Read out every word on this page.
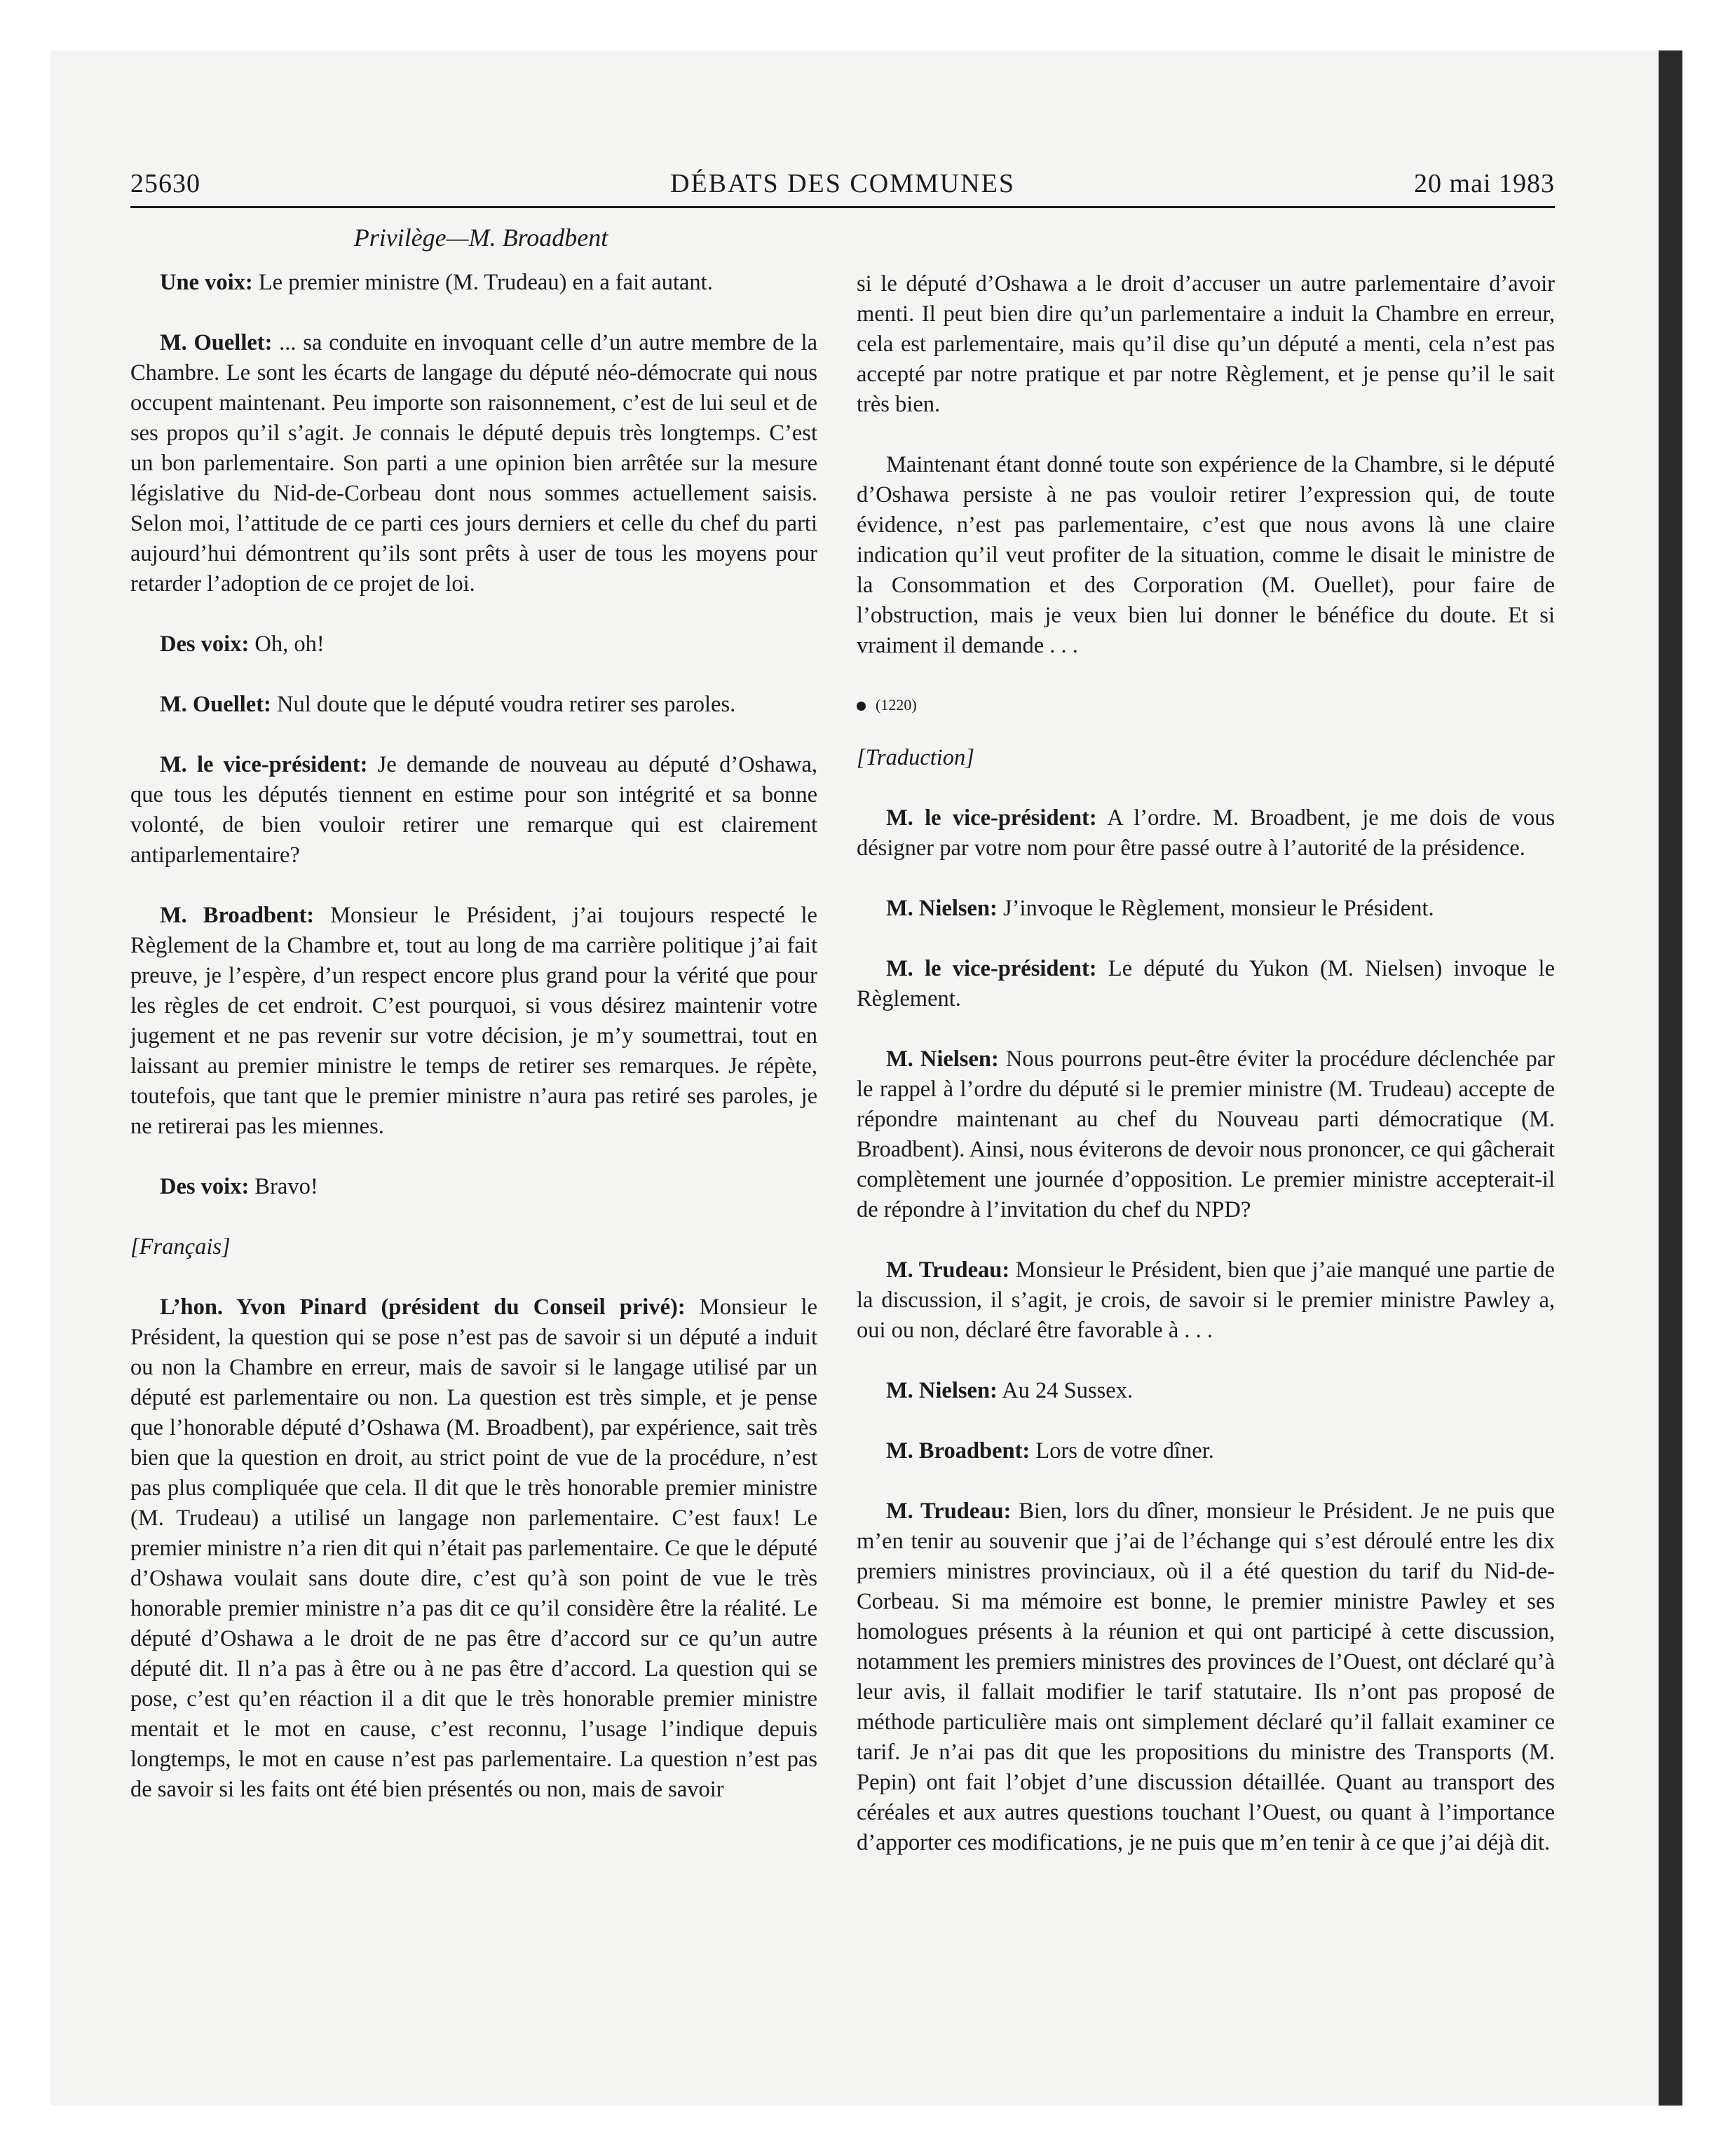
25630	DÉBATS DES COMMUNES	20 mai 1983
Privilège—M. Broadbent

Une voix: Le premier ministre (M. Trudeau) en a fait autant.

M. Ouellet: ... sa conduite en invoquant celle d’un autre membre de la Chambre. Le sont les écarts de langage du député néo-démocrate qui nous occupent maintenant. Peu importe son raisonnement, c’est de lui seul et de ses propos qu’il s’agit. Je connais le député depuis très longtemps. C’est un bon parlementaire. Son parti a une opinion bien arrêtée sur la mesure législative du Nid-de-Corbeau dont nous sommes actuellement saisis. Selon moi, l’attitude de ce parti ces jours derniers et celle du chef du parti aujourd’hui démontrent qu’ils sont prêts à user de tous les moyens pour retarder l’adoption de ce projet de loi.

Des voix: Oh, oh!

M. Ouellet: Nul doute que le député voudra retirer ses paroles.

M. le vice-président: Je demande de nouveau au député d’Oshawa, que tous les députés tiennent en estime pour son intégrité et sa bonne volonté, de bien vouloir retirer une remarque qui est clairement antiparlementaire?

M. Broadbent: Monsieur le Président, j’ai toujours respecté le Règlement de la Chambre et, tout au long de ma carrière politique j’ai fait preuve, je l’espère, d’un respect encore plus grand pour la vérité que pour les règles de cet endroit. C’est pourquoi, si vous désirez maintenir votre jugement et ne pas revenir sur votre décision, je m’y soumettrai, tout en laissant au premier ministre le temps de retirer ses remarques. Je répète, toutefois, que tant que le premier ministre n’aura pas retiré ses paroles, je ne retirerai pas les miennes.

Des voix: Bravo!

[Français]

L’hon. Yvon Pinard (président du Conseil privé): Monsieur le Président, la question qui se pose n’est pas de savoir si un député a induit ou non la Chambre en erreur, mais de savoir si le langage utilisé par un député est parlementaire ou non. La question est très simple, et je pense que l’honorable député d’Oshawa (M. Broadbent), par expérience, sait très bien que la question en droit, au strict point de vue de la procédure, n’est pas plus compliquée que cela. Il dit que le très honorable premier ministre (M. Trudeau) a utilisé un langage non parlementaire. C’est faux! Le premier ministre n’a rien dit qui n’était pas parlementaire. Ce que le député d’Oshawa voulait sans doute dire, c’est qu’à son point de vue le très honorable premier ministre n’a pas dit ce qu’il considère être la réalité. Le député d’Oshawa a le droit de ne pas être d’accord sur ce qu’un autre député dit. Il n’a pas à être ou à ne pas être d’accord. La question qui se pose, c’est qu’en réaction il a dit que le très honorable premier ministre mentait et le mot en cause, c’est reconnu, l’usage l’indique depuis longtemps, le mot en cause n’est pas parlementaire. La question n’est pas de savoir si les faits ont été bien présentés ou non, mais de savoir

si le député d’Oshawa a le droit d’accuser un autre parlementaire d’avoir menti. Il peut bien dire qu’un parlementaire a induit la Chambre en erreur, cela est parlementaire, mais qu’il dise qu’un député a menti, cela n’est pas accepté par notre pratique et par notre Règlement, et je pense qu’il le sait très bien.

Maintenant étant donné toute son expérience de la Chambre, si le député d’Oshawa persiste à ne pas vouloir retirer l’expression qui, de toute évidence, n’est pas parlementaire, c’est que nous avons là une claire indication qu’il veut profiter de la situation, comme le disait le ministre de la Consommation et des Corporation (M. Ouellet), pour faire de l’obstruction, mais je veux bien lui donner le bénéfice du doute. Et si vraiment il demande . . .

(1220)

[Traduction]

M. le vice-président: A l’ordre. M. Broadbent, je me dois de vous désigner par votre nom pour être passé outre à l’autorité de la présidence.

M. Nielsen: J’invoque le Règlement, monsieur le Président.

M. le vice-président: Le député du Yukon (M. Nielsen) invoque le Règlement.

M. Nielsen: Nous pourrons peut-être éviter la procédure déclenchée par le rappel à l’ordre du député si le premier ministre (M. Trudeau) accepte de répondre maintenant au chef du Nouveau parti démocratique (M. Broadbent). Ainsi, nous éviterons de devoir nous prononcer, ce qui gâcherait complètement une journée d’opposition. Le premier ministre accepterait-il de répondre à l’invitation du chef du NPD?

M. Trudeau: Monsieur le Président, bien que j’aie manqué une partie de la discussion, il s’agit, je crois, de savoir si le premier ministre Pawley a, oui ou non, déclaré être favorable à . . .

M. Nielsen: Au 24 Sussex.

M. Broadbent: Lors de votre dîner.

M. Trudeau: Bien, lors du dîner, monsieur le Président. Je ne puis que m’en tenir au souvenir que j’ai de l’échange qui s’est déroulé entre les dix premiers ministres provinciaux, où il a été question du tarif du Nid-de-Corbeau. Si ma mémoire est bonne, le premier ministre Pawley et ses homologues présents à la réunion et qui ont participé à cette discussion, notamment les premiers ministres des provinces de l’Ouest, ont déclaré qu’à leur avis, il fallait modifier le tarif statutaire. Ils n’ont pas proposé de méthode particulière mais ont simplement déclaré qu’il fallait examiner ce tarif. Je n’ai pas dit que les propositions du ministre des Transports (M. Pepin) ont fait l’objet d’une discussion détaillée. Quant au transport des céréales et aux autres questions touchant l’Ouest, ou quant à l’importance d’apporter ces modifications, je ne puis que m’en tenir à ce que j’ai déjà dit.
